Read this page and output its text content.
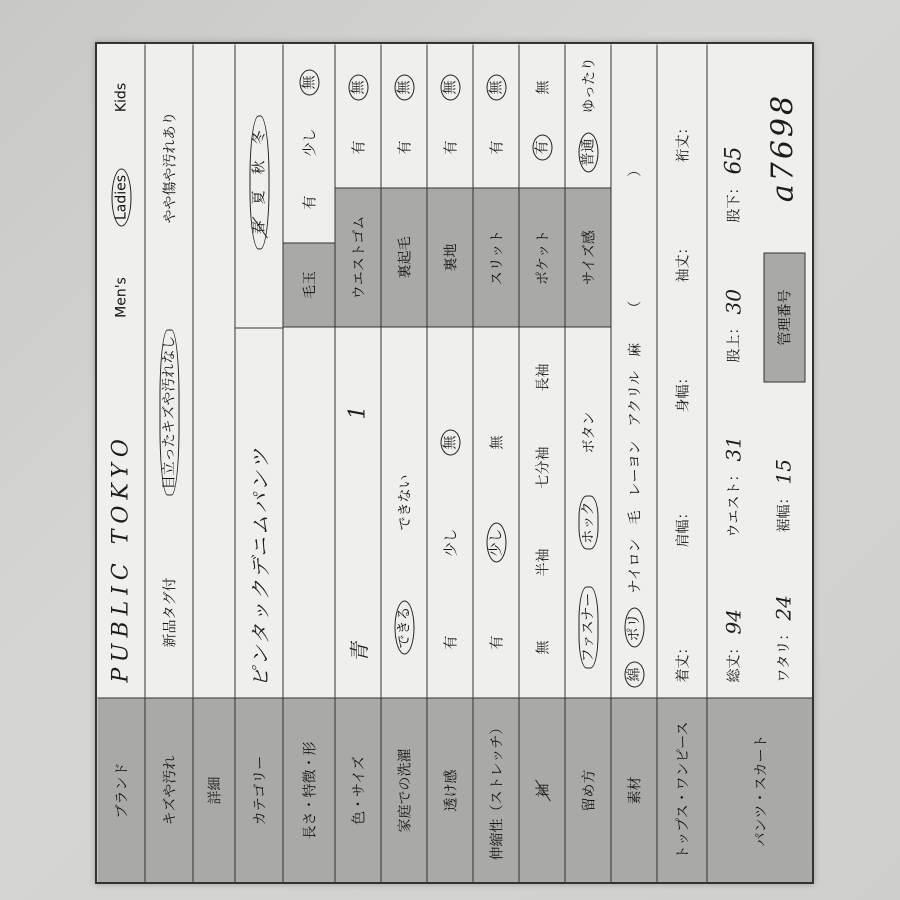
ブランド
PUBLIC TOKYO
Men's
Ladies
Kids
キズや汚れ
新品タグ付
目立ったキズや汚れなし
やや傷や汚れあり
詳細	カテゴリー
ピンタックデニムパンツ
春
夏
秋
冬
長さ・特徴・形
毛玉
有
少し
無
色・サイズ
青
1
ウエストゴム
有
無
家庭での洗濯
できる
できない
裏起毛
有
無
透け感
有
少し
無
裏地
有
無
伸縮性（ストレッチ）
有
少し
無
スリット
有
無
袖
無
半袖
七分袖
長袖
ポケット
有
無
留め方
ファスナー
ホック
ボタン
サイズ感
普通
ゆったり
素材
綿
ポリ
ナイロン
毛
レーヨン
アクリル
麻
（
）
トップス・ワンピース
着丈：
肩幅：
身幅：
袖丈：
裄丈：
パンツ・スカート
総丈：
94
ウエスト：
31
股上：
30
股下：
65
ワタリ：
24
裾幅：
15
管理番号
a7698
